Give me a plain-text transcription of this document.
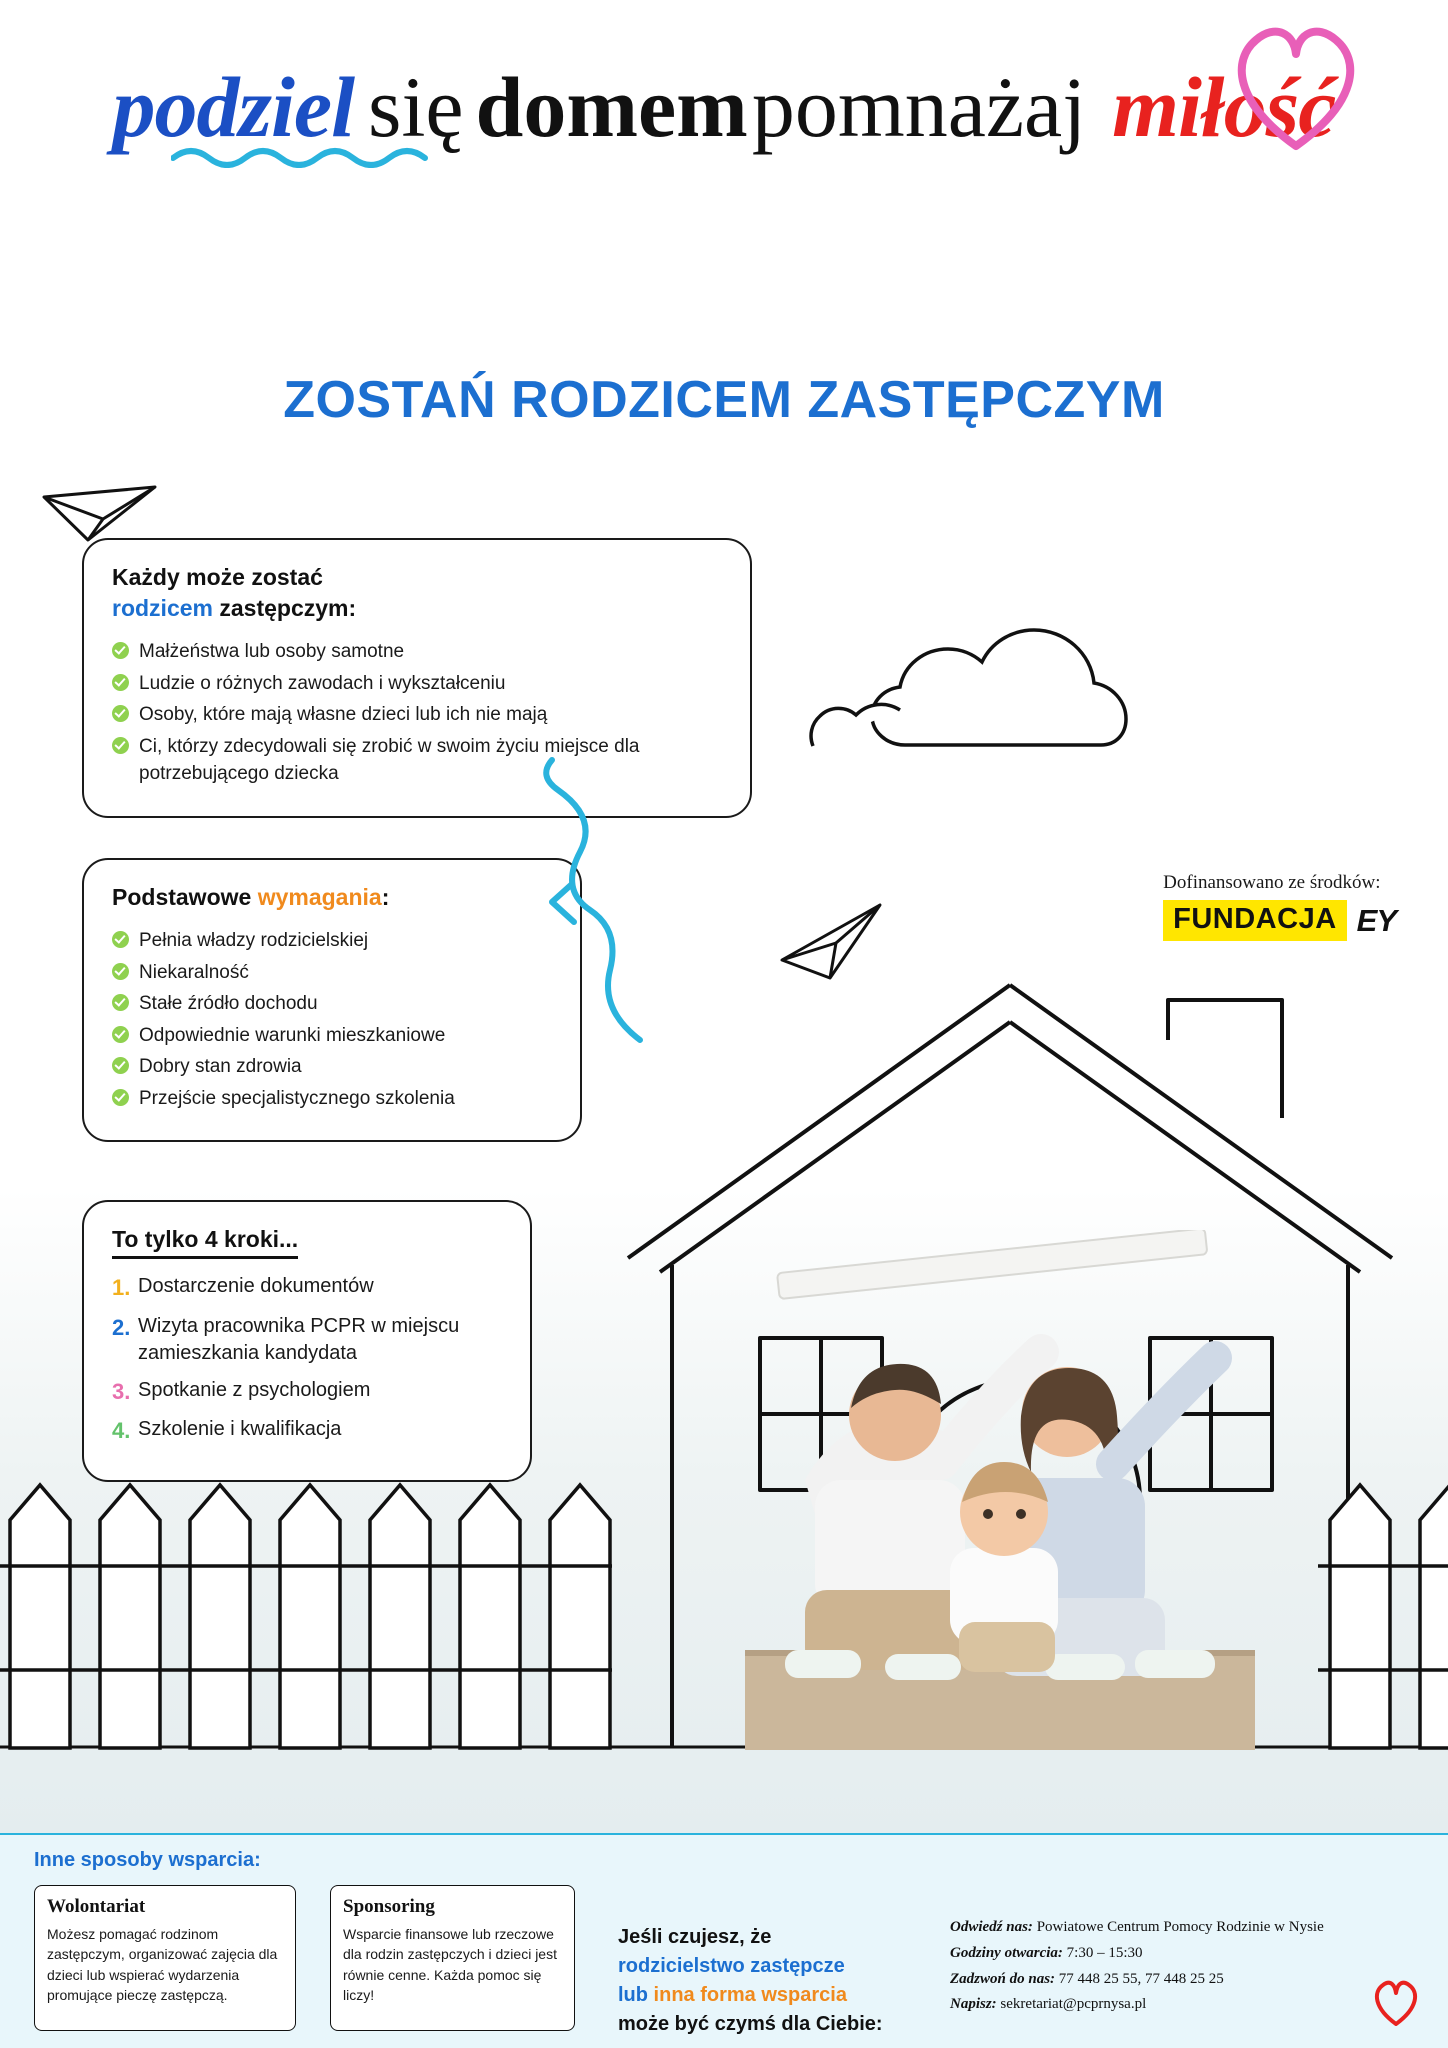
podziel się domem
pomnażaj miłość
ZOSTAŃ RODZICEM ZASTĘPCZYM
Każdy może zostać
rodzicem zastępczym:
Małżeństwa lub osoby samotne
Ludzie o różnych zawodach i wykształceniu
Osoby, które mają własne dzieci lub ich nie mają
Ci, którzy zdecydowali się zrobić w swoim życiu miejsce dla potrzebującego dziecka
Podstawowe wymagania:
Pełnia władzy rodzicielskiej
Niekaralność
Stałe źródło dochodu
Odpowiednie warunki mieszkaniowe
Dobry stan zdrowia
Przejście specjalistycznego szkolenia
To tylko 4 kroki...
1. Dostarczenie dokumentów
2. Wizyta pracownika PCPR w miejscu zamieszkania kandydata
3. Spotkanie z psychologiem
4. Szkolenie i kwalifikacja
Dofinansowano ze środków:
FUNDACJA EY
Inne sposoby wsparcia:
Wolontariat

Możesz pomagać rodzinom zastępczym, organizować zajęcia dla dzieci lub wspierać wydarzenia promujące pieczę zastępczą.

Sponsoring

Wsparcie finansowe lub rzeczowe dla rodzin zastępczych i dzieci jest równie cenne. Każda pomoc się liczy!

Jeśli czujesz, że
rodzicielstwo zastępcze
lub inna forma wsparcia
może być czymś dla Ciebie:
Odwiedź nas: Powiatowe Centrum Pomocy Rodzinie w Nysie
Godziny otwarcia: 7:30 – 15:30
Zadzwoń do nas: 77 448 25 55, 77 448 25 25
Napisz: sekretariat@pcprnysa.pl
